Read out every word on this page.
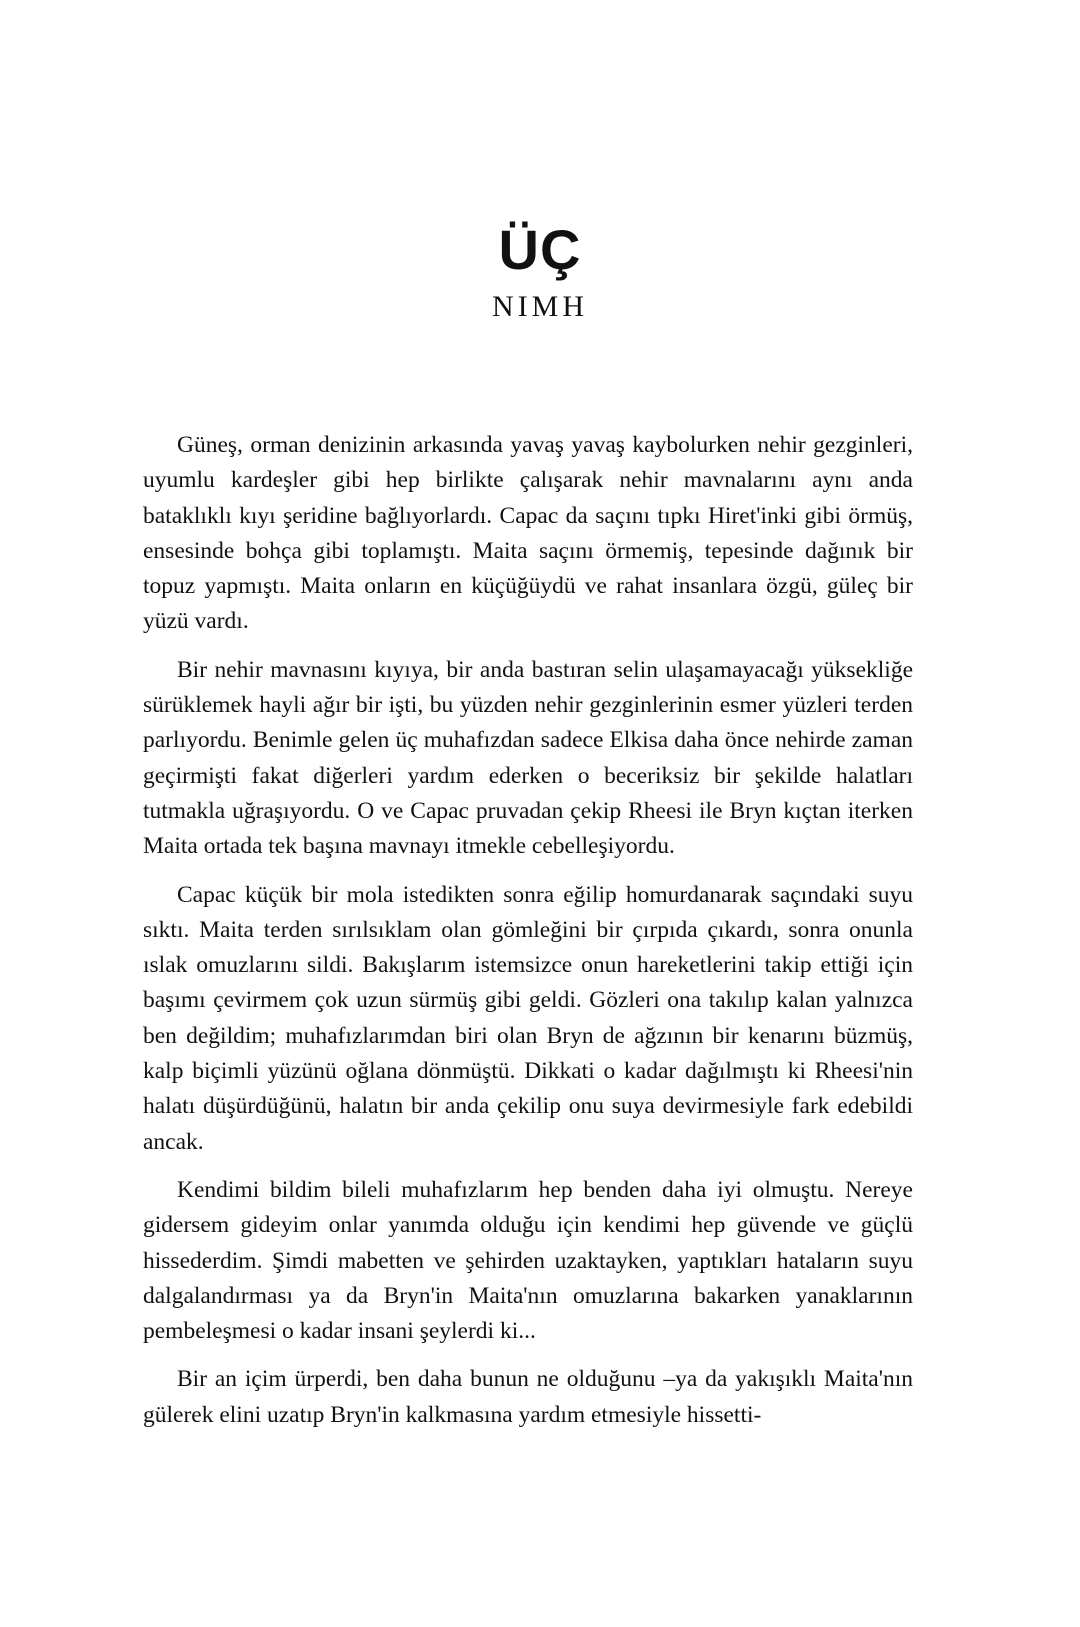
ÜÇ
NIMH

Güneş, orman denizinin arkasında yavaş yavaş kaybolurken nehir gezginleri, uyumlu kardeşler gibi hep birlikte çalışarak nehir mavnalarını aynı anda bataklıklı kıyı şeridine bağlıyorlardı. Capac da saçını tıpkı Hiret'inki gibi örmüş, ensesinde bohça gibi toplamıştı. Maita saçını örmemiş, tepesinde dağınık bir topuz yapmıştı. Maita onların en küçüğüydü ve rahat insanlara özgü, güleç bir yüzü vardı.

Bir nehir mavnasını kıyıya, bir anda bastıran selin ulaşamayacağı yüksekliğe sürüklemek hayli ağır bir işti, bu yüzden nehir gezginlerinin esmer yüzleri terden parlıyordu. Benimle gelen üç muhafızdan sadece Elkisa daha önce nehirde zaman geçirmişti fakat diğerleri yardım ederken o beceriksiz bir şekilde halatları tutmakla uğraşıyordu. O ve Capac pruvadan çekip Rheesi ile Bryn kıçtan iterken Maita ortada tek başına mavnayı itmekle cebelleşiyordu.

Capac küçük bir mola istedikten sonra eğilip homurdanarak saçındaki suyu sıktı. Maita terden sırılsıklam olan gömleğini bir çırpıda çıkardı, sonra onunla ıslak omuzlarını sildi. Bakışlarım istemsizce onun hareketlerini takip ettiği için başımı çevirmem çok uzun sürmüş gibi geldi. Gözleri ona takılıp kalan yalnızca ben değildim; muhafızlarımdan biri olan Bryn de ağzının bir kenarını büzmüş, kalp biçimli yüzünü oğlana dönmüştü. Dikkati o kadar dağılmıştı ki Rheesi'nin halatı düşürdüğünü, halatın bir anda çekilip onu suya devirmesiyle fark edebildi ancak.

Kendimi bildim bileli muhafızlarım hep benden daha iyi olmuştu. Nereye gidersem gideyim onlar yanımda olduğu için kendimi hep güvende ve güçlü hissederdim. Şimdi mabetten ve şehirden uzaktayken, yaptıkları hataların suyu dalgalandırması ya da Bryn'in Maita'nın omuzlarına bakarken yanaklarının pembeleşmesi o kadar insani şeylerdi ki...

Bir an içim ürperdi, ben daha bunun ne olduğunu –ya da yakışıklı Maita'nın gülerek elini uzatıp Bryn'in kalkmasına yardım etmesiyle hissetti-
